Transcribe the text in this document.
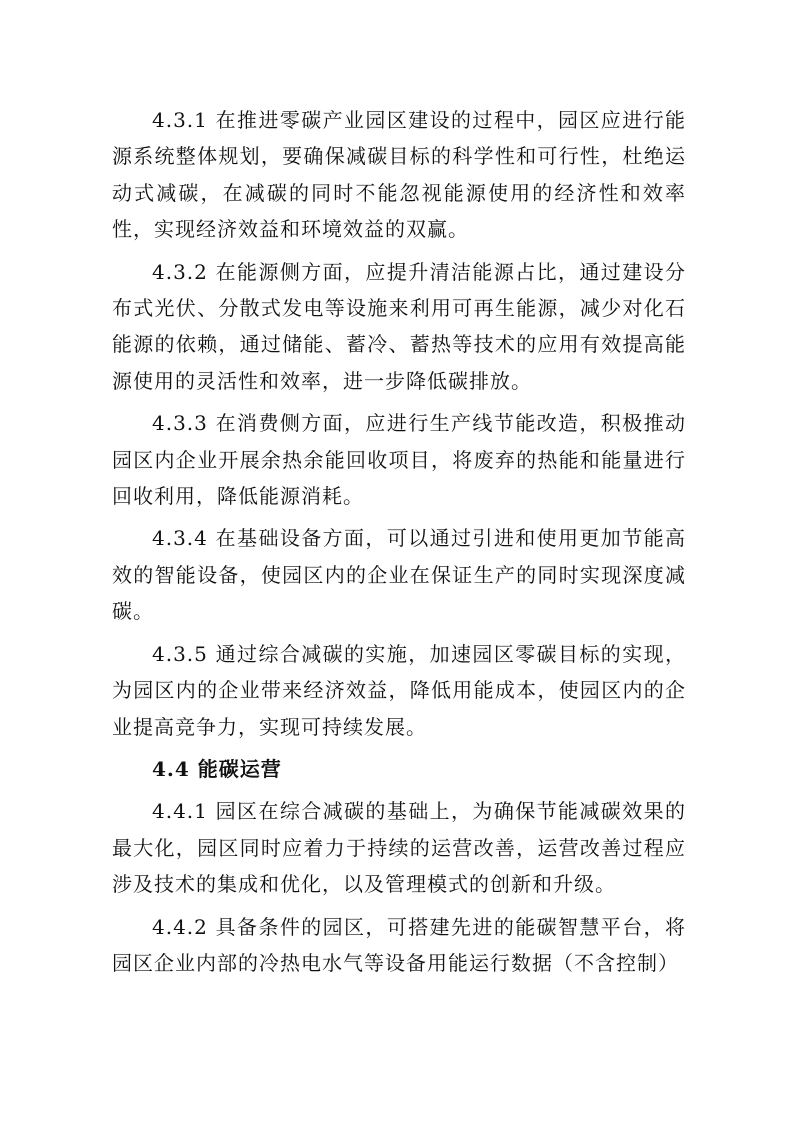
4.3.1 在推进零碳产业园区建设的过程中，园区应进行能源系统整体规划，要确保减碳目标的科学性和可行性，杜绝运动式减碳，在减碳的同时不能忽视能源使用的经济性和效率性，实现经济效益和环境效益的双赢。

4.3.2 在能源侧方面，应提升清洁能源占比，通过建设分布式光伏、分散式发电等设施来利用可再生能源，减少对化石能源的依赖，通过储能、蓄冷、蓄热等技术的应用有效提高能源使用的灵活性和效率，进一步降低碳排放。

4.3.3 在消费侧方面，应进行生产线节能改造，积极推动园区内企业开展余热余能回收项目，将废弃的热能和能量进行回收利用，降低能源消耗。

4.3.4 在基础设备方面，可以通过引进和使用更加节能高效的智能设备，使园区内的企业在保证生产的同时实现深度减碳。

4.3.5 通过综合减碳的实施，加速园区零碳目标的实现，为园区内的企业带来经济效益，降低用能成本，使园区内的企业提高竞争力，实现可持续发展。

4.4 能碳运营

4.4.1 园区在综合减碳的基础上，为确保节能减碳效果的最大化，园区同时应着力于持续的运营改善，运营改善过程应涉及技术的集成和优化，以及管理模式的创新和升级。

4.4.2 具备条件的园区，可搭建先进的能碳智慧平台，将园区企业内部的冷热电水气等设备用能运行数据（不含控制）
